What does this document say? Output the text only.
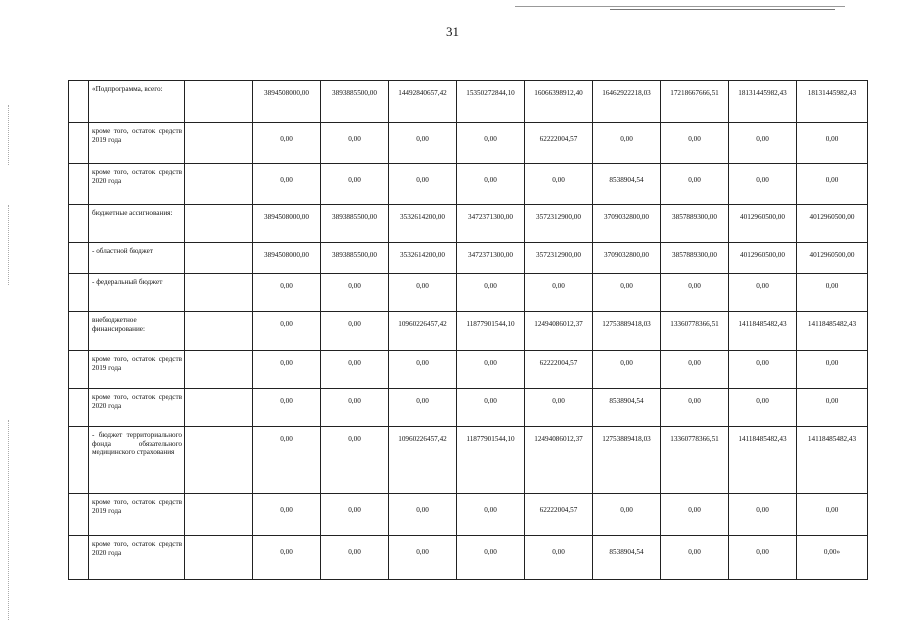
31
	«Подпрограмма, всего:		3894508000,00	3893885500,00	14492840657,42	15350272844,10	16066398912,40	16462922218,03	17218667666,51	18131445982,43	18131445982,43
	кроме того, остаток средств 2019 года		0,00	0,00	0,00	0,00	62222004,57	0,00	0,00	0,00	0,00
	кроме того, остаток средств 2020 года		0,00	0,00	0,00	0,00	0,00	8538904,54	0,00	0,00	0,00
	бюджетные ассигнования:		3894508000,00	3893885500,00	3532614200,00	3472371300,00	3572312900,00	3709032800,00	3857889300,00	4012960500,00	4012960500,00
	- областной бюджет		3894508000,00	3893885500,00	3532614200,00	3472371300,00	3572312900,00	3709032800,00	3857889300,00	4012960500,00	4012960500,00
	- федеральный бюджет		0,00	0,00	0,00	0,00	0,00	0,00	0,00	0,00	0,00
	внебюджетное финансирование:		0,00	0,00	10960226457,42	11877901544,10	12494086012,37	12753889418,03	13360778366,51	14118485482,43	14118485482,43
	кроме того, остаток средств 2019 года		0,00	0,00	0,00	0,00	62222004,57	0,00	0,00	0,00	0,00
	кроме того, остаток средств 2020 года		0,00	0,00	0,00	0,00	0,00	8538904,54	0,00	0,00	0,00
	- бюджет территориального фонда обязательного медицинского страхования		0,00	0,00	10960226457,42	11877901544,10	12494086012,37	12753889418,03	13360778366,51	14118485482,43	14118485482,43
	кроме того, остаток средств 2019 года		0,00	0,00	0,00	0,00	62222004,57	0,00	0,00	0,00	0,00
	кроме того, остаток средств 2020 года		0,00	0,00	0,00	0,00	0,00	8538904,54	0,00	0,00	0,00»
